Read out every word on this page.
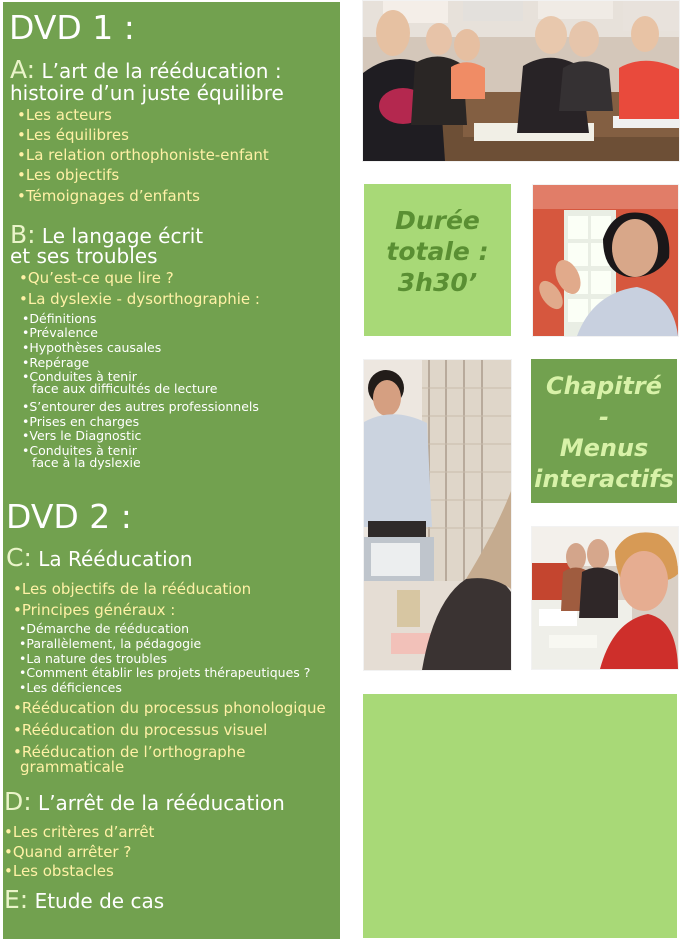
DVD 1 :
A: L’art de la rééducation :
histoire d’un juste équilibre
•Les acteurs
•Les équilibres
•La relation orthophoniste-enfant
•Les objectifs
•Témoignages d’enfants
B: Le langage écrit
et ses troubles
•Qu’est-ce que lire ?
•La dyslexie - dysorthographie :
•Définitions
•Prévalence
•Hypothèses causales
•Repérage
•Conduites à tenir
face aux difficultés de lecture
•S’entourer des autres professionnels
•Prises en charges
•Vers le Diagnostic
•Conduites à tenir
face à la dyslexie
DVD 2 :
C: La Rééducation
•Les objectifs de la rééducation
•Principes généraux :
•Démarche de rééducation
•Parallèlement, la pédagogie
•La nature des troubles
•Comment établir les projets thérapeutiques ?
•Les déficiences
•Rééducation du processus phonologique
•Rééducation du processus visuel
•Rééducation de l’orthographe
grammaticale
D: L’arrêt de la rééducation
•Les critères d’arrêt
•Quand arrêter ?
•Les obstacles
E: Etude de cas
Durée
totale :
3h30’
Chapitré
-
Menus
interactifs
